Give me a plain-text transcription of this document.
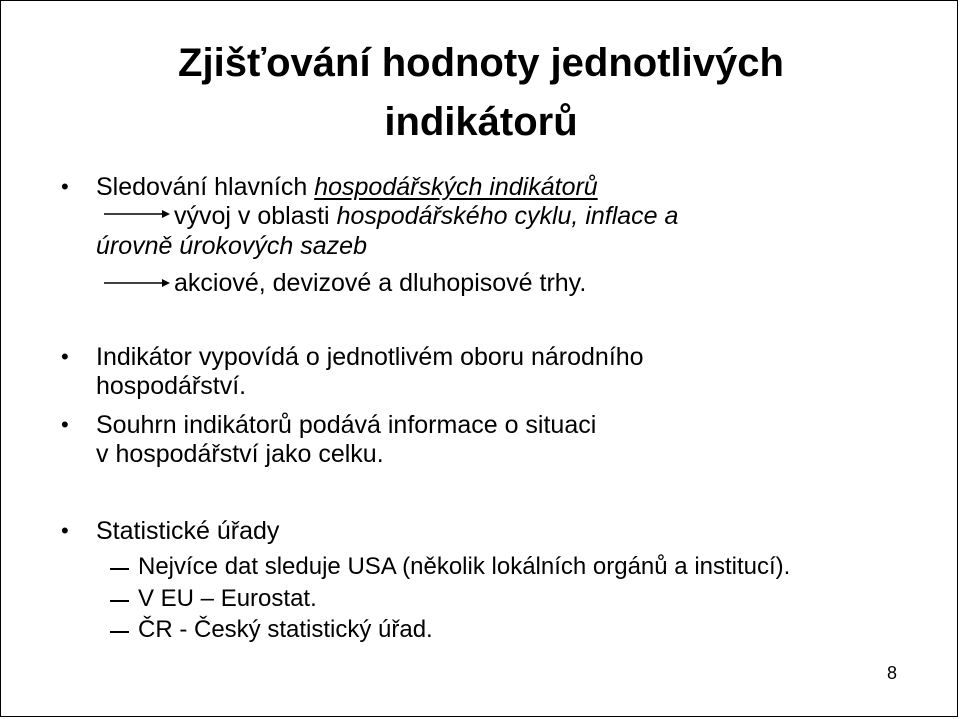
Zjišťování hodnoty jednotlivých
indikátorů
• Sledování hlavních hospodářských indikátorů
vývoj v oblasti hospodářského cyklu, inflace a
úrovně úrokových sazeb
akciové, devizové a dluhopisové trhy.
• Indikátor vypovídá o jednotlivém oboru národního
hospodářství.
• Souhrn indikátorů podává informace o situaci
v hospodářství jako celku.
• Statistické úřady
Nejvíce dat sleduje USA (několik lokálních orgánů a institucí).
V EU – Eurostat.
ČR - Český statistický úřad.
8
